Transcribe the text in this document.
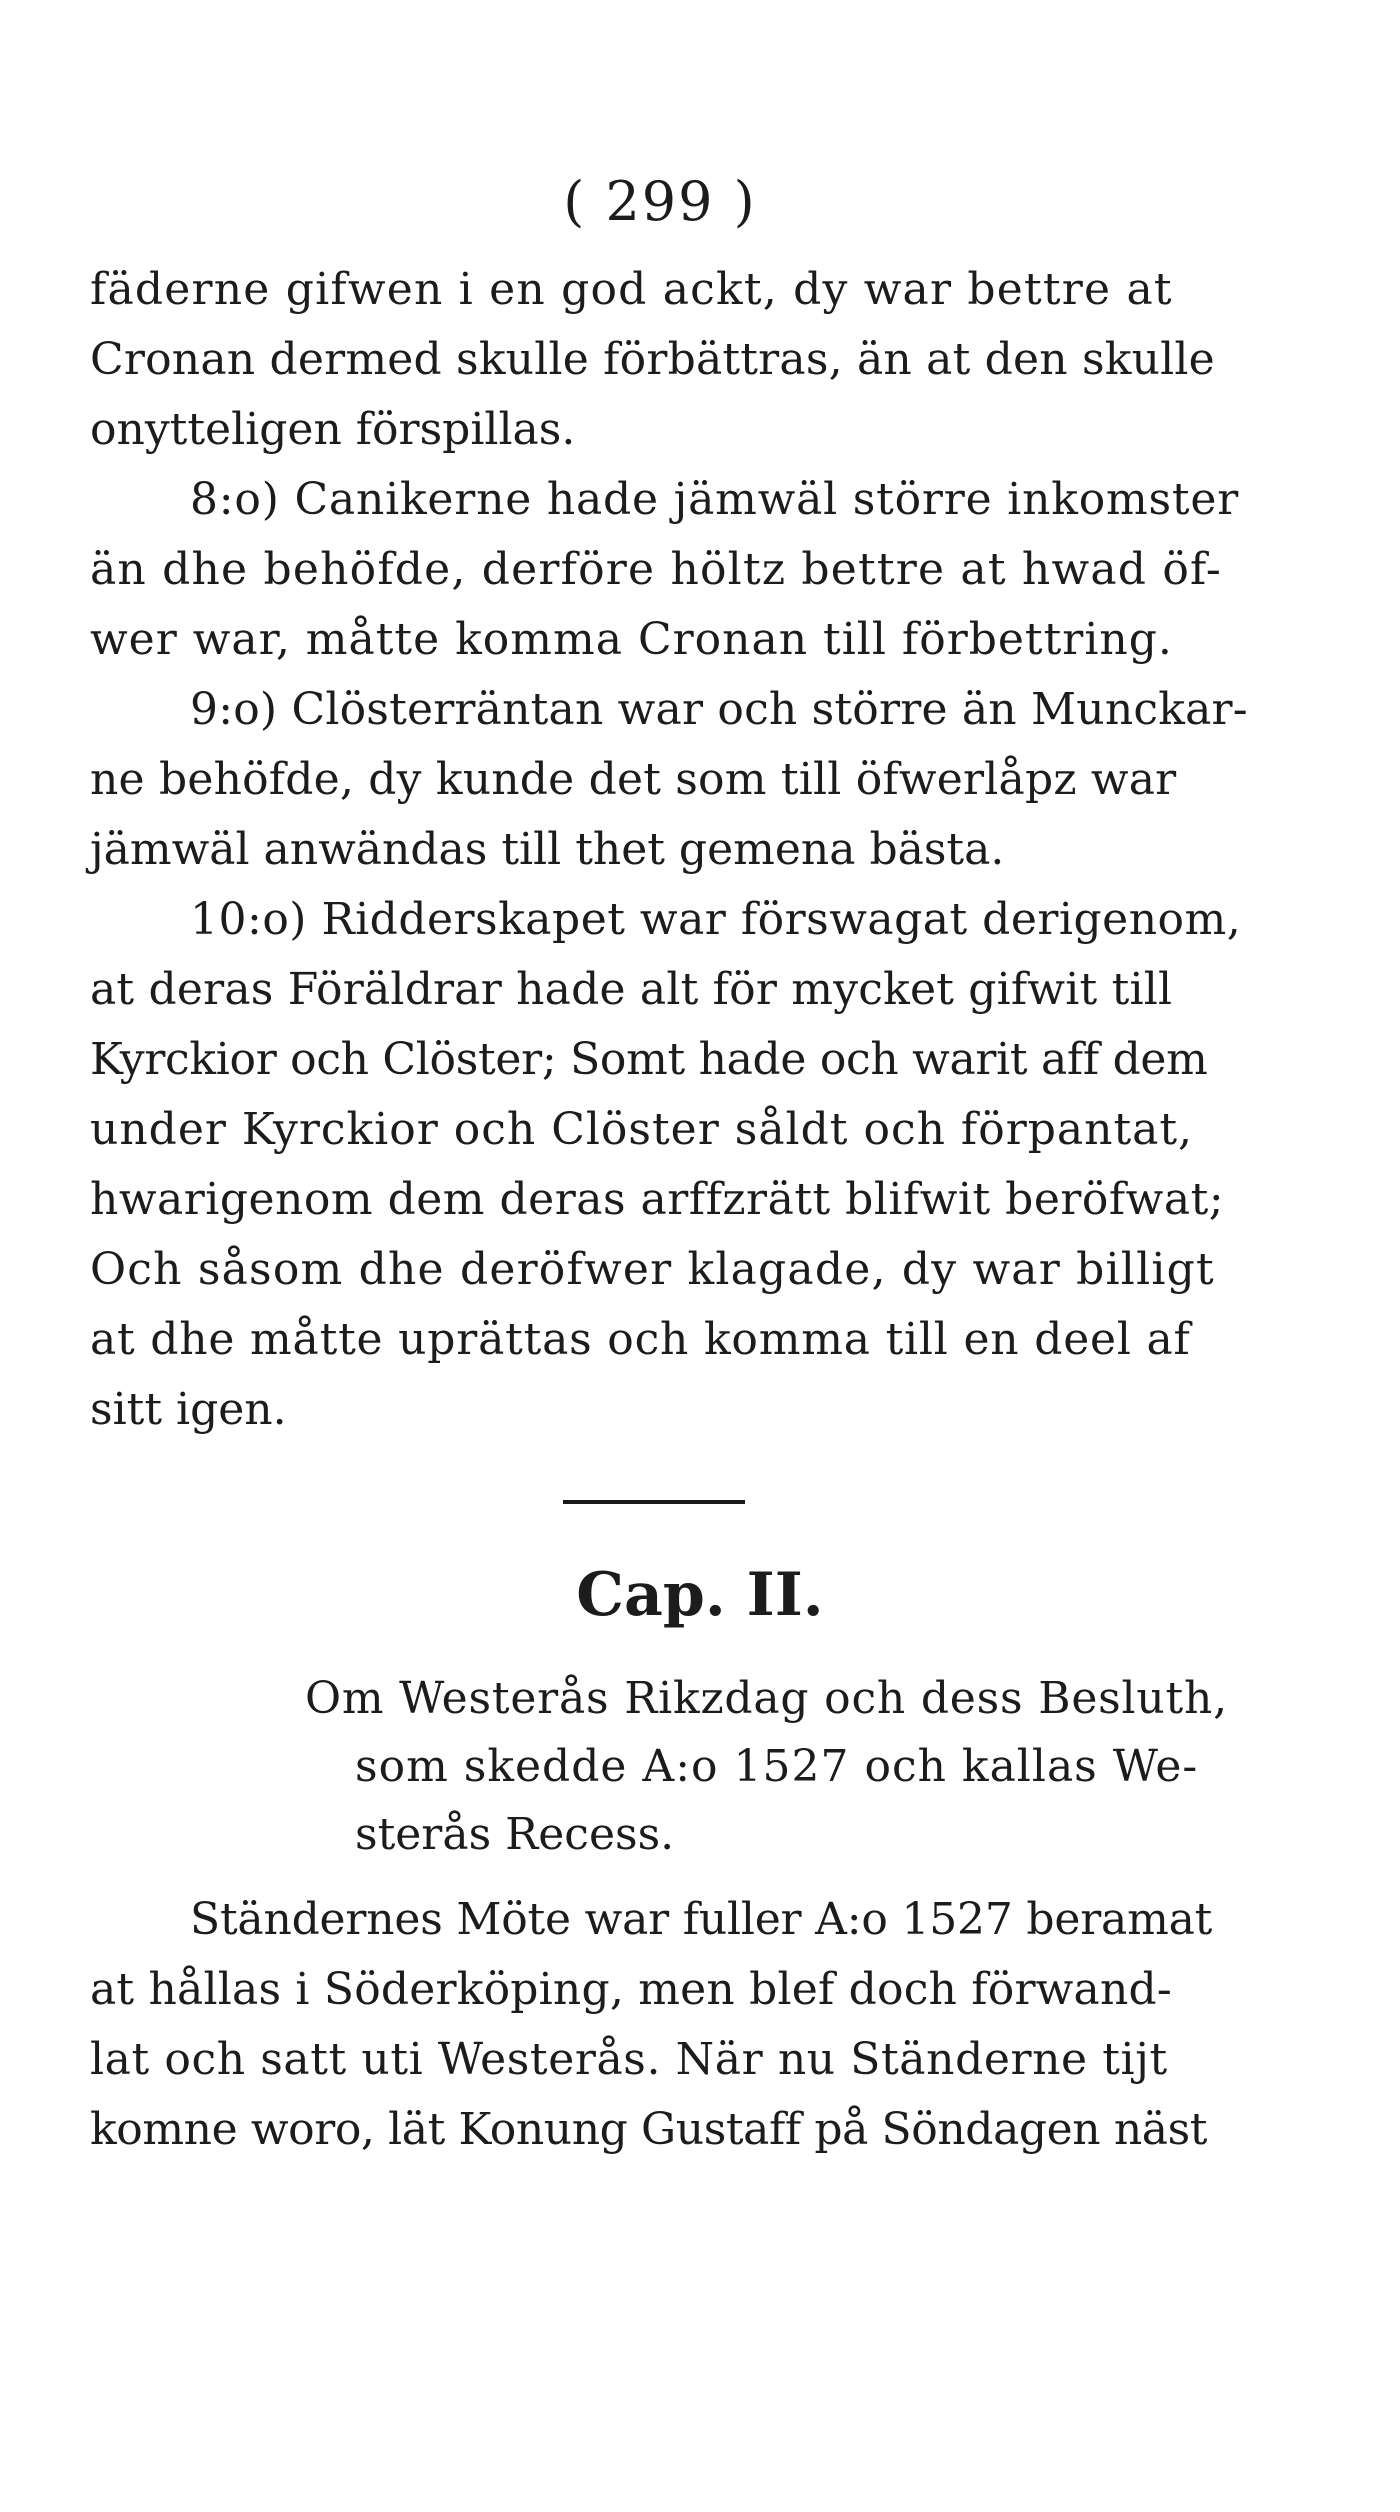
( 299 )
fäderne gifwen i en god ackt, dy war bettre at
Cronan dermed skulle förbättras, än at den skulle
onytteligen förspillas.
8:o) Canikerne hade jämwäl större inkomster
än dhe behöfde, derföre höltz bettre at hwad öf-
wer war, måtte komma Cronan till förbettring.
9:o) Clösterräntan war och större än Munckar-
ne behöfde, dy kunde det som till öfwerlåpz war
jämwäl anwändas till thet gemena bästa.
10:o) Ridderskapet war förswagat derigenom,
at deras Föräldrar hade alt för mycket gifwit till
Kyrckior och Clöster; Somt hade och warit aff dem
under Kyrckior och Clöster såldt och förpantat,
hwarigenom dem deras arffzrätt blifwit beröfwat;
Och såsom dhe deröfwer klagade, dy war billigt
at dhe måtte uprättas och komma till en deel af
sitt igen.
Cap. II.
Om Westerås Rikzdag och dess Besluth,
som skedde A:o 1527 och kallas We-
sterås Recess.
Ständernes Möte war fuller A:o 1527 beramat
at hållas i Söderköping, men blef doch förwand-
lat och satt uti Westerås. När nu Ständerne tijt
komne woro, lät Konung Gustaff på Söndagen näst
